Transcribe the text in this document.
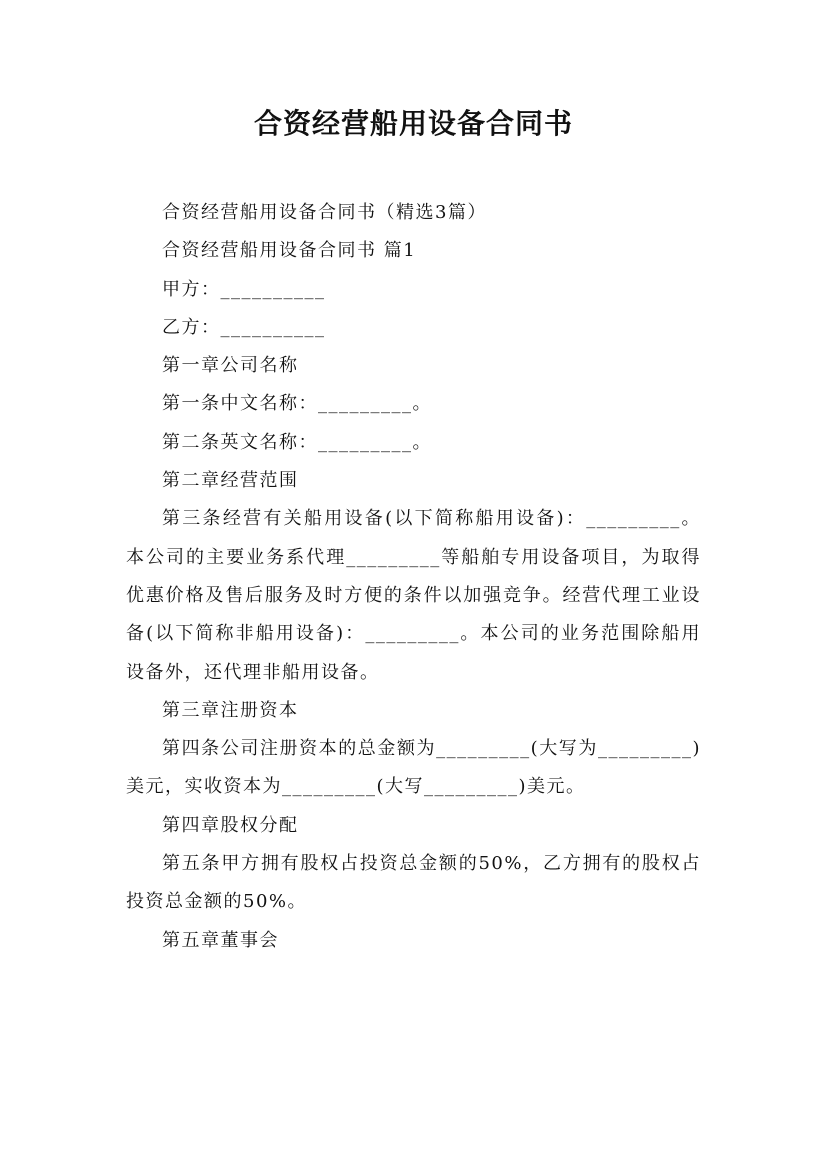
合资经营船用设备合同书

合资经营船用设备合同书（精选3篇）

合资经营船用设备合同书 篇1

甲方：__________

乙方：__________

第一章公司名称

第一条中文名称：_________。

第二条英文名称：_________。

第二章经营范围

第三条经营有关船用设备(以下简称船用设备)：_________。本公司的主要业务系代理_________等船舶专用设备项目，为取得优惠价格及售后服务及时方便的条件以加强竞争。经营代理工业设备(以下简称非船用设备)：_________。本公司的业务范围除船用设备外，还代理非船用设备。

第三章注册资本

第四条公司注册资本的总金额为_________(大写为_________)美元，实收资本为_________(大写_________)美元。

第四章股权分配

第五条甲方拥有股权占投资总金额的50%，乙方拥有的股权占投资总金额的50%。

第五章董事会
